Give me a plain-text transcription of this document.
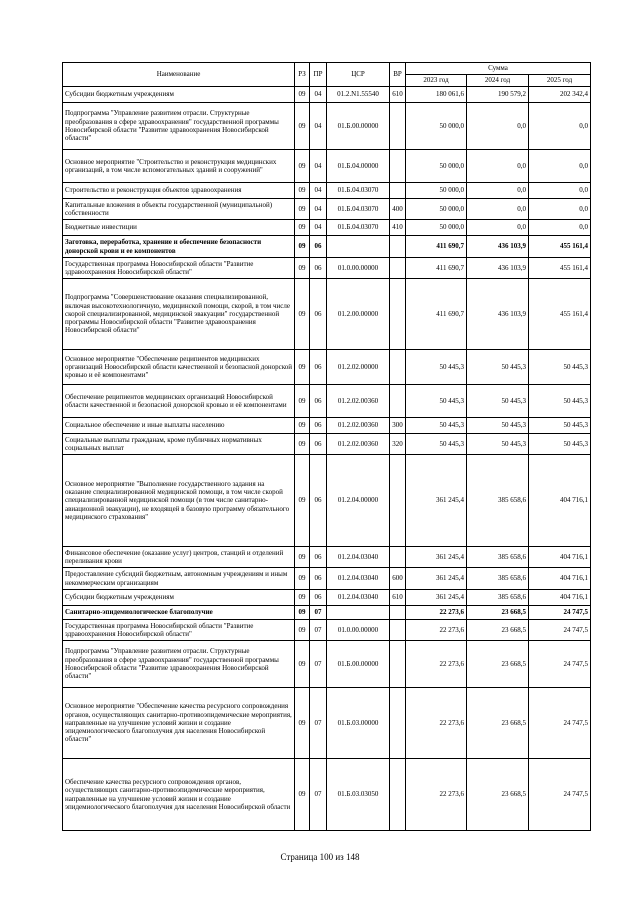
Наименование	РЗ	ПР	ЦСР	ВР	Сумма		
					2023 год	2024 год	2025 год
Субсидии бюджетным учреждениям	09	04	01.2.N1.55540	610	180 061,6	190 579,2	202 342,4
Подпрограмма "Управление развитием отрасли. Структурные преобразования в сфере здравоохранения" государственной программы Новосибирской области "Развитие здравоохранения Новосибирской области"	09	04	01.Б.00.00000		50 000,0	0,0	0,0
Основное мероприятие "Строительство и реконструкция медицинских организаций, в том числе вспомогательных зданий и сооружений"	09	04	01.Б.04.00000		50 000,0	0,0	0,0
Строительство и реконструкция объектов здравоохранения	09	04	01.Б.04.03070		50 000,0	0,0	0,0
Капитальные вложения в объекты государственной (муниципальной) собственности	09	04	01.Б.04.03070	400	50 000,0	0,0	0,0
Бюджетные инвестиции	09	04	01.Б.04.03070	410	50 000,0	0,0	0,0
Заготовка, переработка, хранение и обеспечение безопасности донорской крови и ее компонентов	09	06			411 690,7	436 103,9	455 161,4
Государственная программа Новосибирской области "Развитие здравоохранения Новосибирской области"	09	06	01.0.00.00000		411 690,7	436 103,9	455 161,4
Подпрограмма "Совершенствование оказания специализированной, включая высокотехнологичную, медицинской помощи, скорой, в том числе скорой специализированной, медицинской эвакуации" государственной программы Новосибирской области "Развитие здравоохранения Новосибирской области"	09	06	01.2.00.00000		411 690,7	436 103,9	455 161,4
Основное мероприятие "Обеспечение реципиентов медицинских организаций Новосибирской области качественной и безопасной донорской кровью и её компонентами"	09	06	01.2.02.00000		50 445,3	50 445,3	50 445,3
Обеспечение реципиентов медицинских организаций Новосибирской области качественной и безопасной донорской кровью и её компонентами	09	06	01.2.02.00360		50 445,3	50 445,3	50 445,3
Социальное обеспечение и иные выплаты населению	09	06	01.2.02.00360	300	50 445,3	50 445,3	50 445,3
Социальные выплаты гражданам, кроме публичных нормативных социальных выплат	09	06	01.2.02.00360	320	50 445,3	50 445,3	50 445,3
Основное мероприятие "Выполнение государственного задания на оказание специализированной медицинской помощи, в том числе скорой специализированной медицинской помощи (в том числе санитарно-авиационной эвакуации), не входящей в базовую программу обязательного медицинского страхования"	09	06	01.2.04.00000		361 245,4	385 658,6	404 716,1
Финансовое обеспечение (оказание услуг) центров, станций и отделений переливания крови	09	06	01.2.04.03040		361 245,4	385 658,6	404 716,1
Предоставление субсидий бюджетным, автономным учреждениям и иным некоммерческим организациям	09	06	01.2.04.03040	600	361 245,4	385 658,6	404 716,1
Субсидии бюджетным учреждениям	09	06	01.2.04.03040	610	361 245,4	385 658,6	404 716,1
Санитарно-эпидемиологическое благополучие	09	07			22 273,6	23 668,5	24 747,5
Государственная программа Новосибирской области "Развитие здравоохранения Новосибирской области"	09	07	01.0.00.00000		22 273,6	23 668,5	24 747,5
Подпрограмма "Управление развитием отрасли. Структурные преобразования в сфере здравоохранения" государственной программы Новосибирской области "Развитие здравоохранения Новосибирской области"	09	07	01.Б.00.00000		22 273,6	23 668,5	24 747,5
Основное мероприятие "Обеспечение качества ресурсного сопровождения органов, осуществляющих санитарно-противоэпидемические мероприятия, направленные на улучшение условий жизни и создание эпидемиологического благополучия для населения Новосибирской области"	09	07	01.Б.03.00000		22 273,6	23 668,5	24 747,5
Обеспечение качества ресурсного сопровождения органов, осуществляющих санитарно-противоэпидемические мероприятия, направленные на улучшение условий жизни и создание эпидемиологического благополучия для населения Новосибирской области	09	07	01.Б.03.03050		22 273,6	23 668,5	24 747,5
Страница 100 из 148
